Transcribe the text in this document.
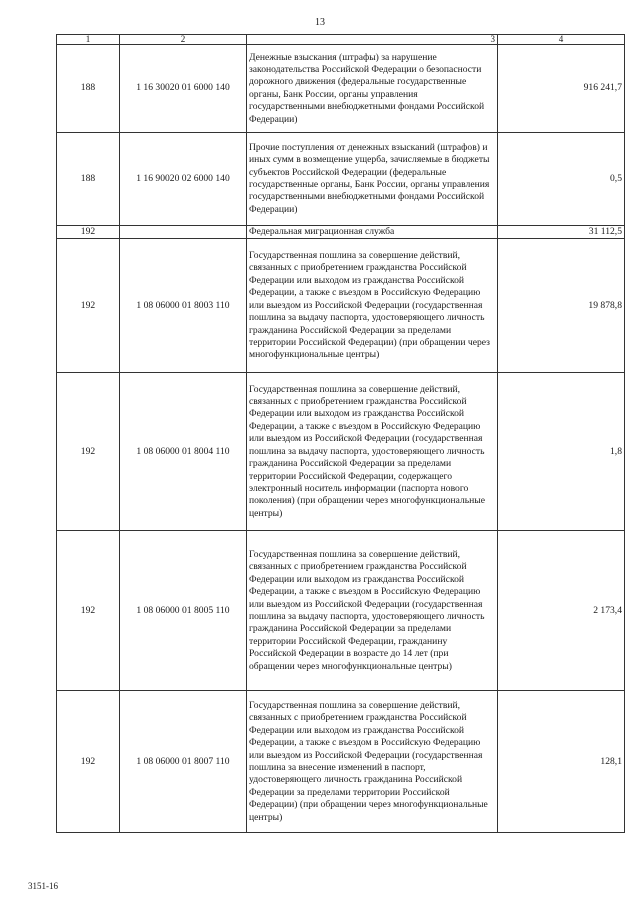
13
1	2	3	4
188	1 16 30020 01 6000 140	Денежные взыскания (штрафы) за нарушение законодательства Российской Федерации о безопасности дорожного движения (федеральные государственные органы, Банк России, органы управления государственными внебюджетными фондами Российской Федерации)	916 241,7
188	1 16 90020 02 6000 140	Прочие поступления от денежных взысканий (штрафов) и иных сумм в возмещение ущерба, зачисляемые в бюджеты субъектов Российской Федерации (федеральные государственные органы, Банк России, органы управления государственными внебюджетными фондами Российской Федерации)	0,5
192		Федеральная миграционная служба	31 112,5
192	1 08 06000 01 8003 110	Государственная пошлина за совершение действий, связанных с приобретением гражданства Российской Федерации или выходом из гражданства Российской Федерации, а также с въездом в Российскую Федерацию или выездом из Российской Федерации (государственная пошлина за выдачу паспорта, удостоверяющего личность гражданина Российской Федерации за пределами территории Российской Федерации) (при обращении через многофункциональные центры)	19 878,8
192	1 08 06000 01 8004 110	Государственная пошлина за совершение действий, связанных с приобретением гражданства Российской Федерации или выходом из гражданства Российской Федерации, а также с въездом в Российскую Федерацию или выездом из Российской Федерации (государственная пошлина за выдачу паспорта, удостоверяющего личность гражданина Российской Федерации за пределами территории Российской Федерации, содержащего электронный носитель информации (паспорта нового поколения) (при обращении через многофункциональные центры)	1,8
192	1 08 06000 01 8005 110	Государственная пошлина за совершение действий, связанных с приобретением гражданства Российской Федерации или выходом из гражданства Российской Федерации, а также с въездом в Российскую Федерацию или выездом из Российской Федерации (государственная пошлина за выдачу паспорта, удостоверяющего личность гражданина Российской Федерации за пределами территории Российской Федерации, гражданину Российской Федерации в возрасте до 14 лет (при обращении через многофункциональные центры)	2 173,4
192	1 08 06000 01 8007 110	Государственная пошлина за совершение действий, связанных с приобретением гражданства Российской Федерации или выходом из гражданства Российской Федерации, а также с въездом в Российскую Федерацию или выездом из Российской Федерации (государственная пошлина за внесение изменений в паспорт, удостоверяющего личность гражданина Российской Федерации за пределами территории Российской Федерации) (при обращении через многофункциональные центры)	128,1
3151-16
